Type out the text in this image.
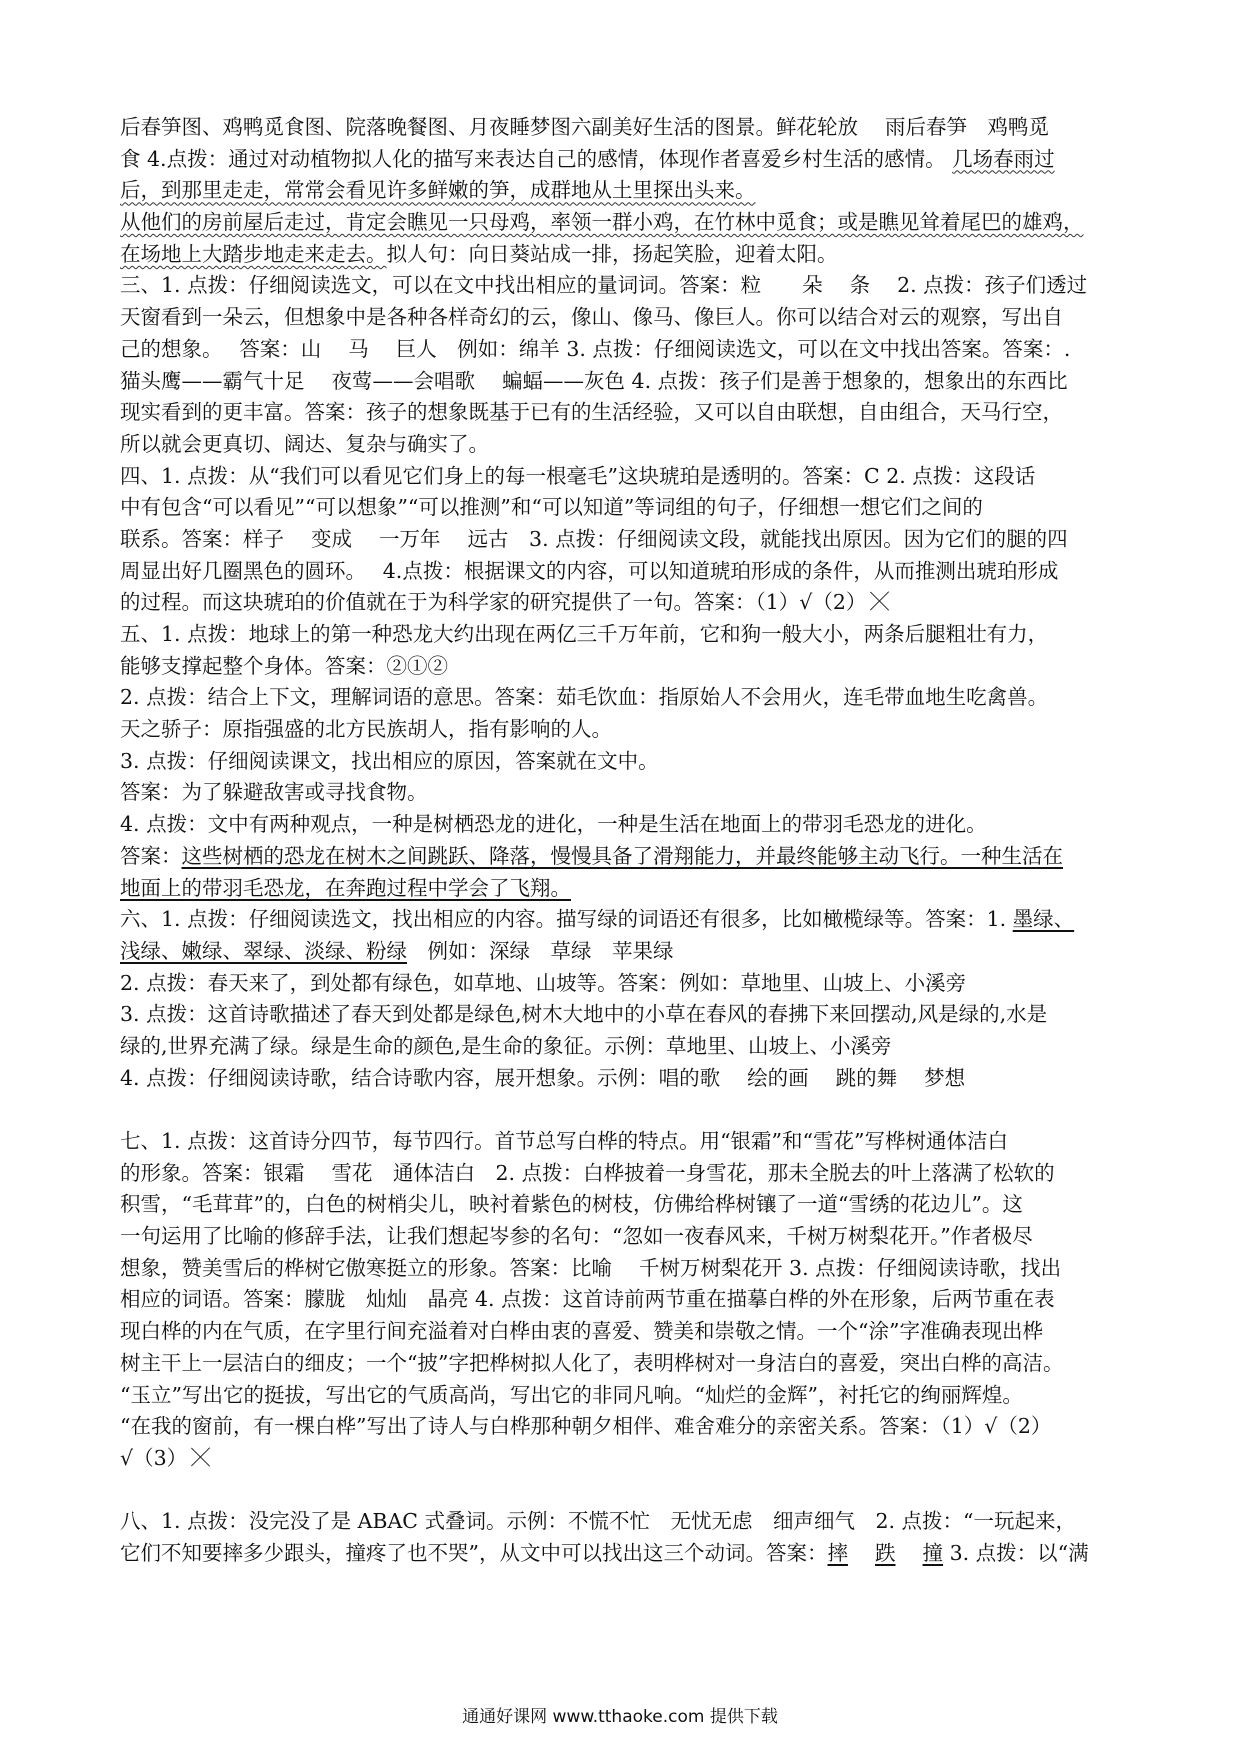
后春笋图、鸡鸭觅食图、院落晚餐图、月夜睡梦图六副美好生活的图景。鲜花轮放　 雨后春笋　鸡鸭觅
食 4.点拨：通过对动植物拟人化的描写来表达自己的感情，体现作者喜爱乡村生活的感情。 几场春雨过
后，到那里走走，常常会看见许多鲜嫩的笋，成群地从土里探出头来。
从他们的房前屋后走过，肯定会瞧见一只母鸡，率领一群小鸡，在竹林中觅食；或是瞧见耸着尾巴的雄鸡，
在场地上大踏步地走来走去。拟人句：向日葵站成一排，扬起笑脸，迎着太阳。
三、1. 点拨：仔细阅读选文，可以在文中找出相应的量词词。答案：粒　　朵　 条　 2. 点拨：孩子们透过
天窗看到一朵云，但想象中是各种各样奇幻的云，像山、像马、像巨人。你可以结合对云的观察，写出自
己的想象。　 答案：山　 马　 巨人　例如：绵羊 3. 点拨：仔细阅读选文，可以在文中找出答案。答案：.
猫头鹰——霸气十足　 夜莺——会唱歌　 蝙蝠——灰色 4. 点拨：孩子们是善于想象的，想象出的东西比
现实看到的更丰富。答案：孩子的想象既基于已有的生活经验，又可以自由联想，自由组合，天马行空，
所以就会更真切、阔达、复杂与确实了。
四、1. 点拨：从“我们可以看见它们身上的每一根毫毛”这块琥珀是透明的。答案：C 2. 点拨：这段话
中有包含“可以看见”“可以想象”“可以推测”和“可以知道”等词组的句子，仔细想一想它们之间的
联系。答案：样子　 变成　 一万年　 远古　3. 点拨：仔细阅读文段，就能找出原因。因为它们的腿的四
周显出好几圈黑色的圆环。　 4.点拨：根据课文的内容，可以知道琥珀形成的条件，从而推测出琥珀形成
的过程。而这块琥珀的价值就在于为科学家的研究提供了一句。答案：（1）√（2）
五、1. 点拨：地球上的第一种恐龙大约出现在两亿三千万年前，它和狗一般大小，两条后腿粗壮有力，
能够支撑起整个身体。答案：②①②
2. 点拨：结合上下文，理解词语的意思。答案：茹毛饮血：指原始人不会用火，连毛带血地生吃禽兽。
天之骄子：原指强盛的北方民族胡人，指有影响的人。
3. 点拨：仔细阅读课文，找出相应的原因，答案就在文中。
答案：为了躲避敌害或寻找食物。
4. 点拨：文中有两种观点，一种是树栖恐龙的进化，一种是生活在地面上的带羽毛恐龙的进化。
答案：这些树栖的恐龙在树木之间跳跃、降落，慢慢具备了滑翔能力，并最终能够主动飞行。一种生活在
地面上的带羽毛恐龙，在奔跑过程中学会了飞翔。
六、1. 点拨：仔细阅读选文，找出相应的内容。描写绿的词语还有很多，比如橄榄绿等。答案：1. 墨绿、
浅绿、嫩绿、翠绿、淡绿、粉绿　例如：深绿　草绿　苹果绿
2. 点拨：春天来了，到处都有绿色，如草地、山坡等。答案：例如：草地里、山坡上、小溪旁
3. 点拨：这首诗歌描述了春天到处都是绿色,树木大地中的小草在春风的春拂下来回摆动,风是绿的,水是
绿的,世界充满了绿。绿是生命的颜色,是生命的象征。示例：草地里、山坡上、小溪旁
4. 点拨：仔细阅读诗歌，结合诗歌内容，展开想象。示例：唱的歌　 绘的画　 跳的舞　 梦想
七、1. 点拨：这首诗分四节，每节四行。首节总写白桦的特点。用“银霜”和“雪花”写桦树通体洁白
的形象。答案：银霜　 雪花　通体洁白　2. 点拨：白桦披着一身雪花，那未全脱去的叶上落满了松软的
积雪，“毛茸茸”的，白色的树梢尖儿，映衬着紫色的树枝，仿佛给桦树镶了一道“雪绣的花边儿”。这
一句运用了比喻的修辞手法，让我们想起岑参的名句：“忽如一夜春风来，千树万树梨花开。”作者极尽
想象，赞美雪后的桦树它傲寒挺立的形象。答案：比喻　 千树万树梨花开 3. 点拨：仔细阅读诗歌，找出
相应的词语。答案：朦胧　灿灿　晶亮 4. 点拨：这首诗前两节重在描摹白桦的外在形象，后两节重在表
现白桦的内在气质，在字里行间充溢着对白桦由衷的喜爱、赞美和崇敬之情。一个“涂”字准确表现出桦
树主干上一层洁白的细皮；一个“披”字把桦树拟人化了，表明桦树对一身洁白的喜爱，突出白桦的高洁。
“玉立”写出它的挺拔，写出它的气质高尚，写出它的非同凡响。“灿烂的金辉”，衬托它的绚丽辉煌。
“在我的窗前，有一棵白桦”写出了诗人与白桦那种朝夕相伴、难舍难分的亲密关系。答案：（1）√（2）
√（3）
八、1. 点拨：没完没了是 ABAC 式叠词。示例：不慌不忙　无忧无虑　细声细气　2. 点拨：“一玩起来，
它们不知要摔多少跟头，撞疼了也不哭”，从文中可以找出这三个动词。答案：摔　 跌　 撞 3. 点拨：以“满
通通好课网 www.tthaoke.com 提供下载
